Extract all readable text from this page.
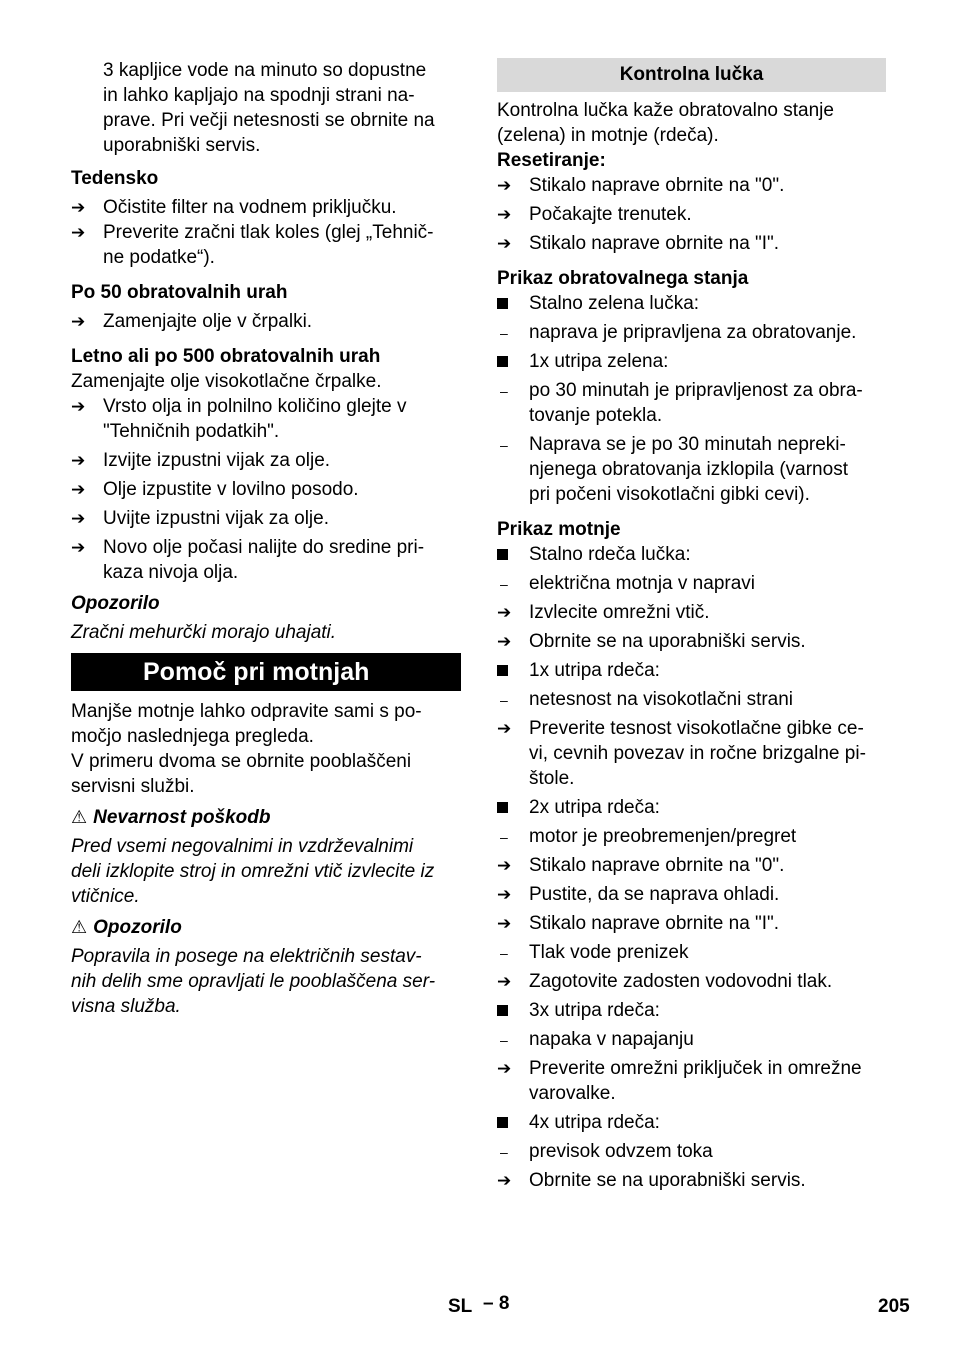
3 kapljice vode na minuto so dopustne

in lahko kapljajo na spodnji strani na-

prave. Pri večji netesnosti se obrnite na

uporabniški servis.

Tedensko

➔ Očistite filter na vodnem priključku.
➔ Preverite zračni tlak koles (glej „Tehnič-
ne podatke“).

Po 50 obratovalnih urah

➔ Zamenjajte olje v črpalki.

Letno ali po 500 obratovalnih urah

Zamenjajte olje visokotlačne črpalke.

➔ Vrsto olja in polnilno količino glejte v
"Tehničnih podatkih".
➔ Izvijte izpustni vijak za olje.
➔ Olje izpustite v lovilno posodo.
➔ Uvijte izpustni vijak za olje.
➔ Novo olje počasi nalijte do sredine pri-
kaza nivoja olja.

Opozorilo

Zračni mehurčki morajo uhajati.

Pomoč pri motnjah

Manjše motnje lahko odpravite sami s po-

močjo naslednjega pregleda.

V primeru dvoma se obrnite pooblaščeni

servisni službi.

⚠ Nevarnost poškodb

Pred vsemi negovalnimi in vzdrževalnimi

deli izklopite stroj in omrežni vtič izvlecite iz

vtičnice.

⚠ Opozorilo

Popravila in posege na električnih sestav-

nih delih sme opravljati le pooblaščena ser-

visna služba.

Kontrolna lučka

Kontrolna lučka kaže obratovalno stanje

(zelena) in motnje (rdeča).

Resetiranje:

➔ Stikalo naprave obrnite na "0".
➔ Počakajte trenutek.
➔ Stikalo naprave obrnite na "I".

Prikaz obratovalnega stanja

Stalno zelena lučka:
–	naprava je pripravljena za obratovanje.
1x utripa zelena:
–	po 30 minutah je pripravljenost za obra-
tovanje potekla.
–	Naprava se je po 30 minutah nepreki-
njenega obratovanja izklopila (varnost
pri počeni visokotlačni gibki cevi).

Prikaz motnje

Stalno rdeča lučka:
–	električna motnja v napravi
➔ Izvlecite omrežni vtič.
➔ Obrnite se na uporabniški servis.
1x utripa rdeča:
–	netesnost na visokotlačni strani
➔ Preverite tesnost visokotlačne gibke ce-
vi, cevnih povezav in ročne brizgalne pi-
štole.
2x utripa rdeča:
–	motor je preobremenjen/pregret
➔ Stikalo naprave obrnite na "0".
➔ Pustite, da se naprava ohladi.
➔ Stikalo naprave obrnite na "I".
–	Tlak vode prenizek
➔ Zagotovite zadosten vodovodni tlak.
3x utripa rdeča:
–	napaka v napajanju
➔ Preverite omrežni priključek in omrežne
varovalke.
4x utripa rdeča:
–	previsok odvzem toka
➔ Obrnite se na uporabniški servis.
SL – 8	205
